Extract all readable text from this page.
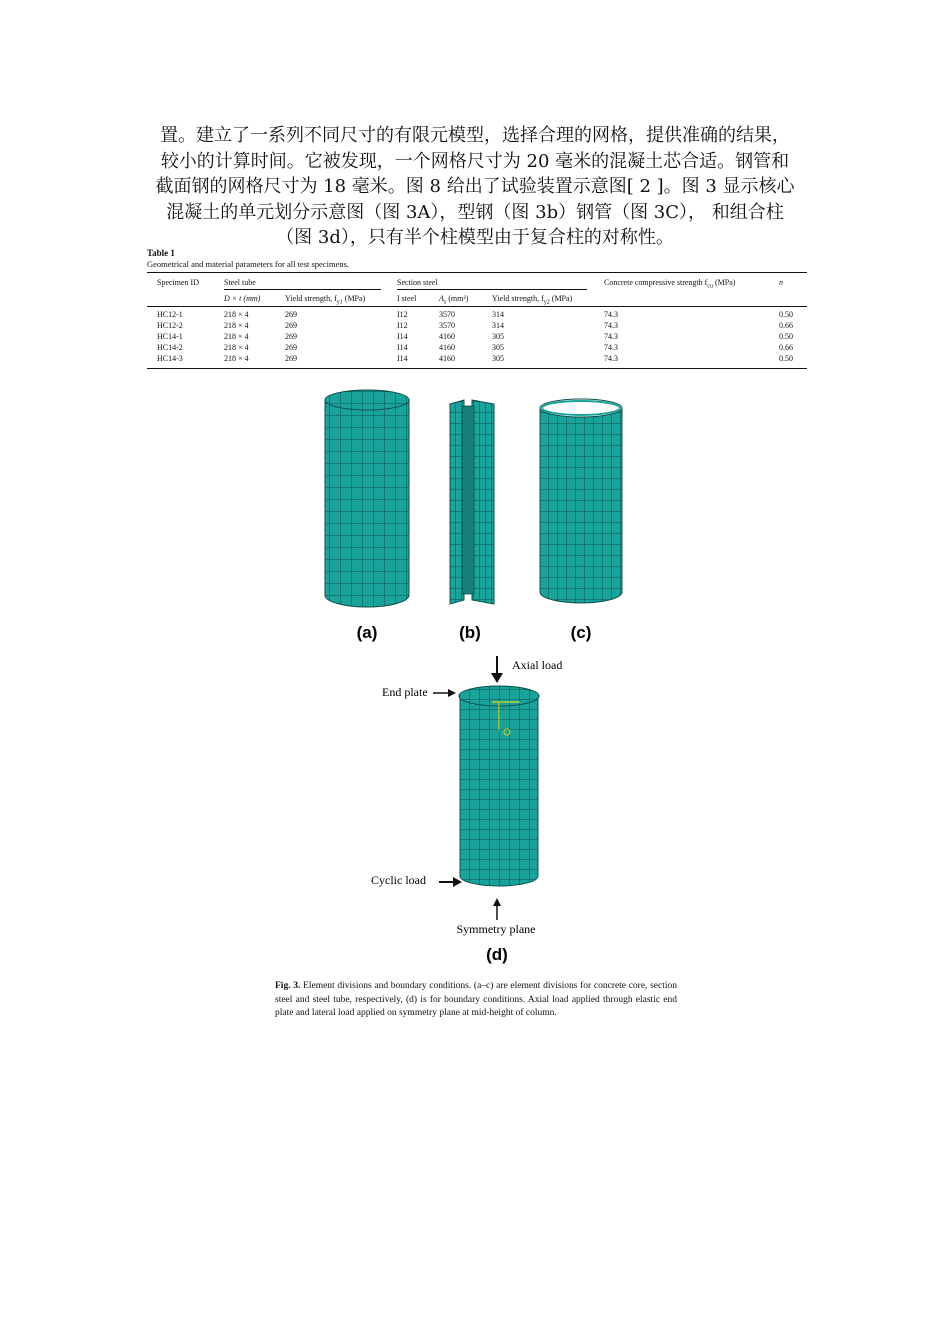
置。建立了一系列不同尺寸的有限元模型，选择合理的网格，提供准确的结果，
较小的计算时间。它被发现，一个网格尺寸为 20 毫米的混凝土芯合适。钢管和
截面钢的网格尺寸为 18 毫米。图 8 给出了试验装置示意图[ 2 ]。图 3 显示核心
混凝土的单元划分示意图（图 3A），型钢（图 3b）钢管（图 3C）， 和组合柱
（图 3d），只有半个柱模型由于复合柱的对称性。
Table 1
Geometrical and material parameters for all test specimens.
Specimen ID	Steel tube	Section steel	Concrete compressive strength $f_{cu}$ (MPa)	n
D × t (mm)	Yield strength, $f_{y1}$ (MPa)	I steel	$A_s$ (mm²)	Yield strength, $f_{y2}$ (MPa)
HC12-1	218 × 4	269	I12	3570	314	74.3	0.50
HC12-2	218 × 4	269	I12	3570	314	74.3	0.66
HC14-1	218 × 4	269	I14	4160	305	74.3	0.50
HC14-2	218 × 4	269	I14	4160	305	74.3	0.66
HC14-3	218 × 4	269	I14	4160	305	74.3	0.50
(a)	(b)	(c)
Axial load
End plate
Cyclic load
Symmetry plane
(d)
Fig. 3. Element divisions and boundary conditions. (a–c) are element divisions for concrete core, section steel and steel tube, respectively, (d) is for boundary conditions. Axial load applied through elastic end plate and lateral load applied on symmetry plane at mid-height of column.
